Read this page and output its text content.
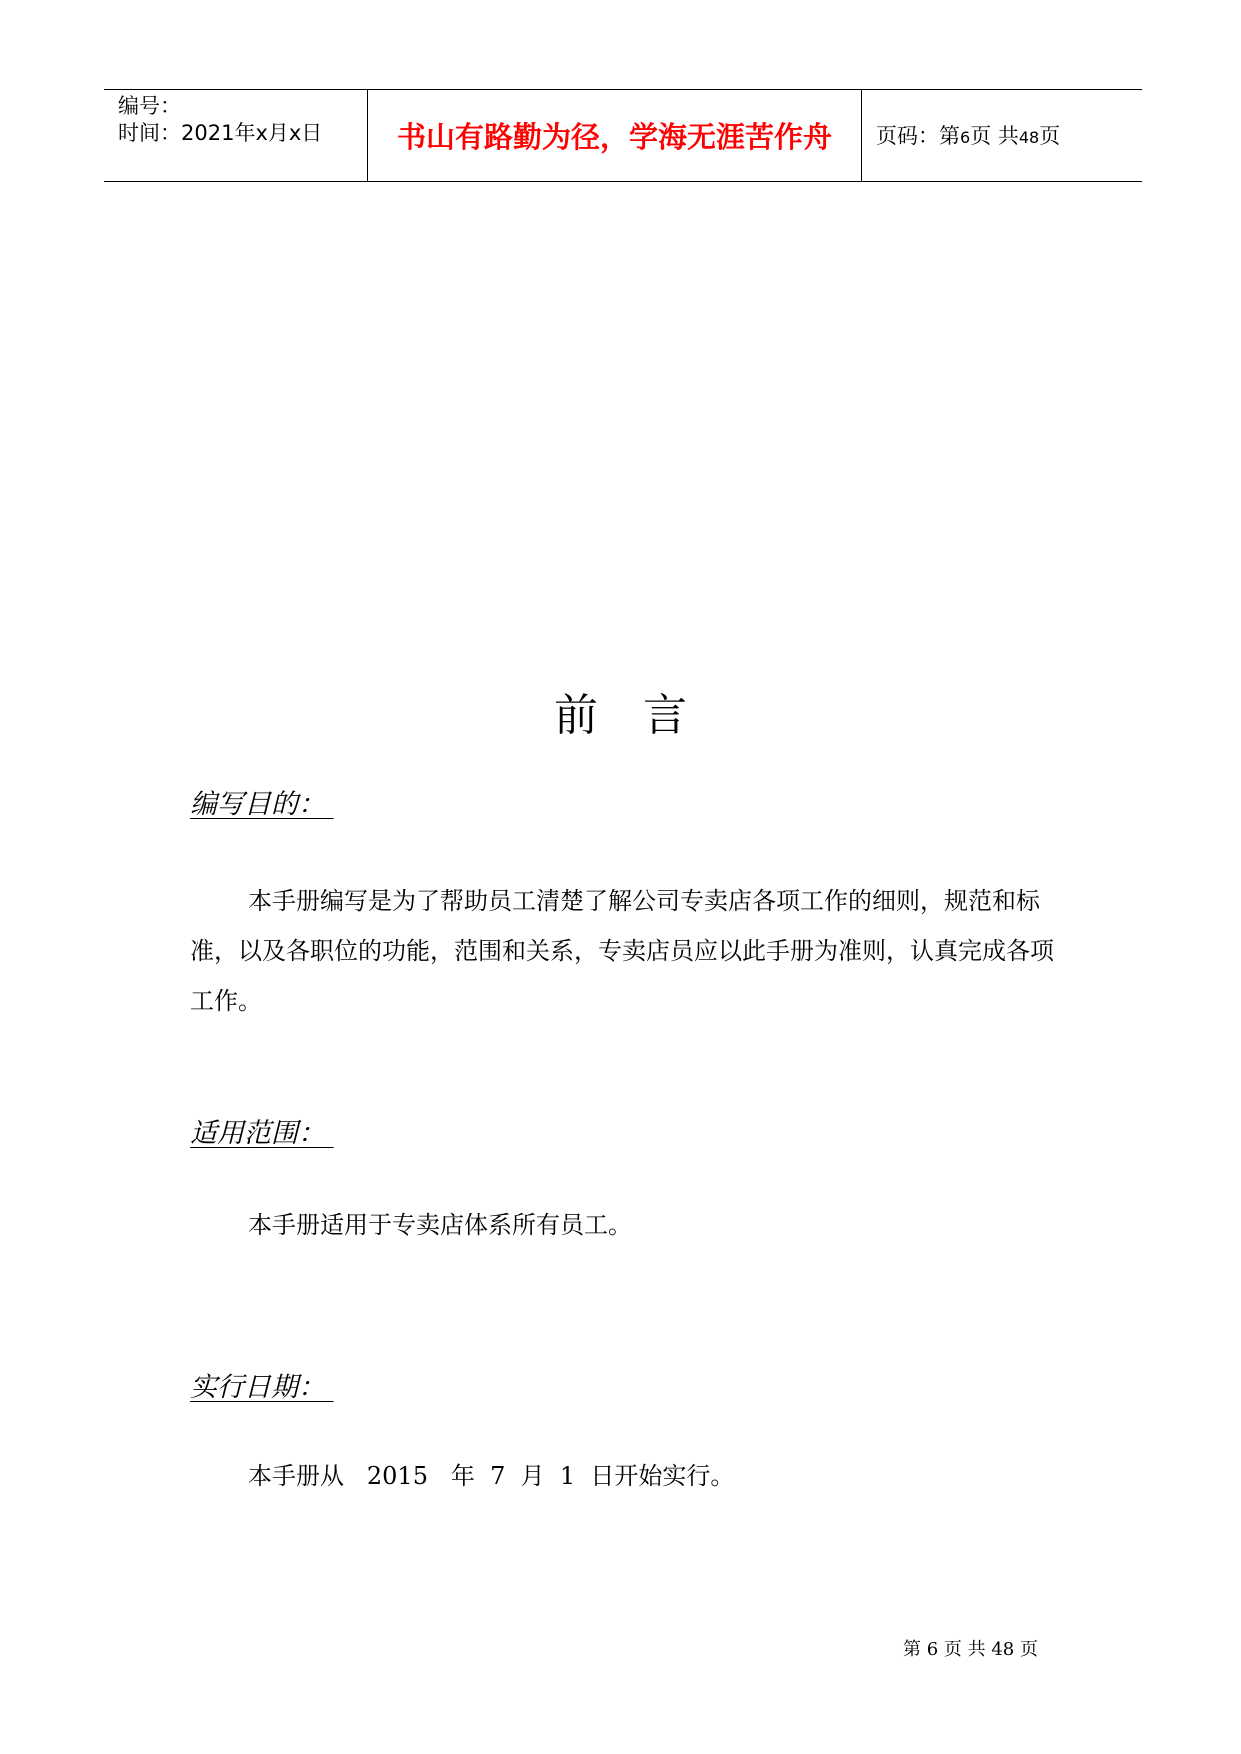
编号：
时间：2021年x月x日	书山有路勤为径，学海无涯苦作舟	页码：第6页 共48页
前言
编写目的：
本手册编写是为了帮助员工清楚了解公司专卖店各项工作的细则，规范和标准，以及各职位的功能，范围和关系，专卖店员应以此手册为准则，认真完成各项工作。
适用范围：
本手册适用于专卖店体系所有员工。
实行日期：
本手册从   2015   年  7  月  1  日开始实行。
第 6 页 共 48 页
